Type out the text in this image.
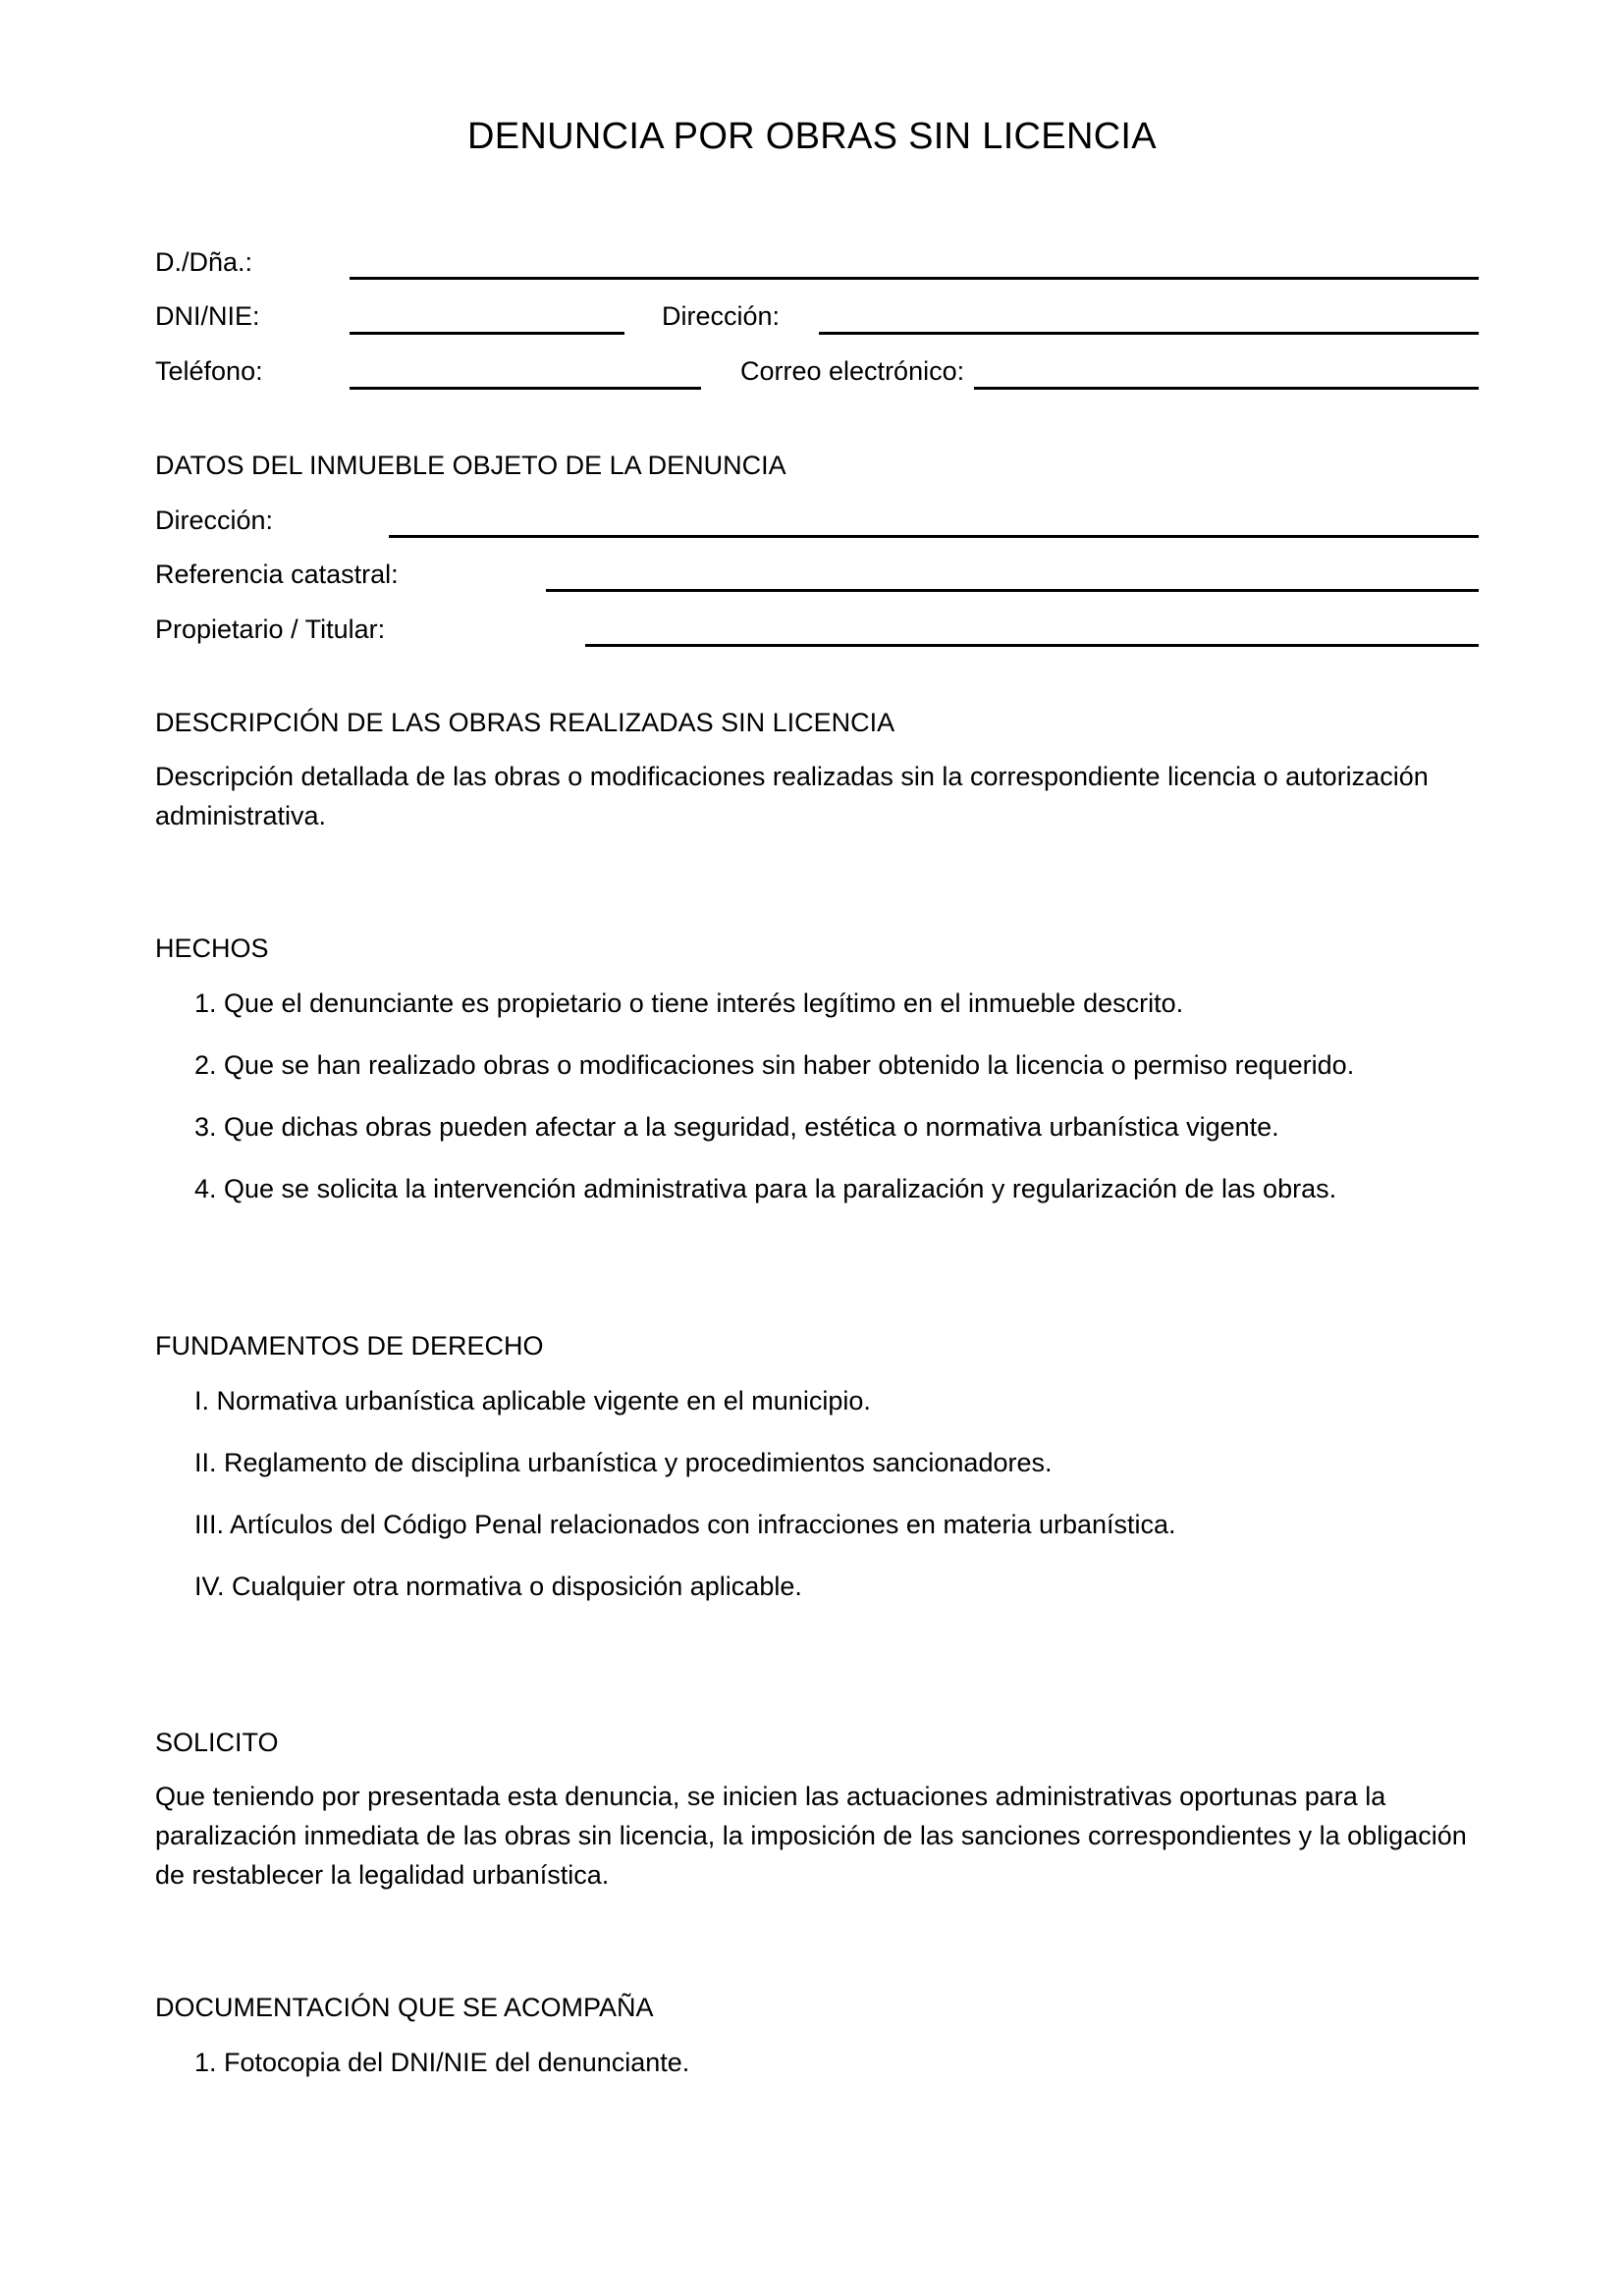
DENUNCIA POR OBRAS SIN LICENCIA
D./Dña.:
DNI/NIE:	Dirección:
Teléfono:	Correo electrónico:
DATOS DEL INMUEBLE OBJETO DE LA DENUNCIA
Dirección:
Referencia catastral:
Propietario / Titular:
DESCRIPCIÓN DE LAS OBRAS REALIZADAS SIN LICENCIA
Descripción detallada de las obras o modificaciones realizadas sin la correspondiente licencia o autorización administrativa.
HECHOS
1. Que el denunciante es propietario o tiene interés legítimo en el inmueble descrito.
2. Que se han realizado obras o modificaciones sin haber obtenido la licencia o permiso requerido.
3. Que dichas obras pueden afectar a la seguridad, estética o normativa urbanística vigente.
4. Que se solicita la intervención administrativa para la paralización y regularización de las obras.
FUNDAMENTOS DE DERECHO
I. Normativa urbanística aplicable vigente en el municipio.
II. Reglamento de disciplina urbanística y procedimientos sancionadores.
III. Artículos del Código Penal relacionados con infracciones en materia urbanística.
IV. Cualquier otra normativa o disposición aplicable.
SOLICITO
Que teniendo por presentada esta denuncia, se inicien las actuaciones administrativas oportunas para la paralización inmediata de las obras sin licencia, la imposición de las sanciones correspondientes y la obligación de restablecer la legalidad urbanística.
DOCUMENTACIÓN QUE SE ACOMPAÑA
1. Fotocopia del DNI/NIE del denunciante.
